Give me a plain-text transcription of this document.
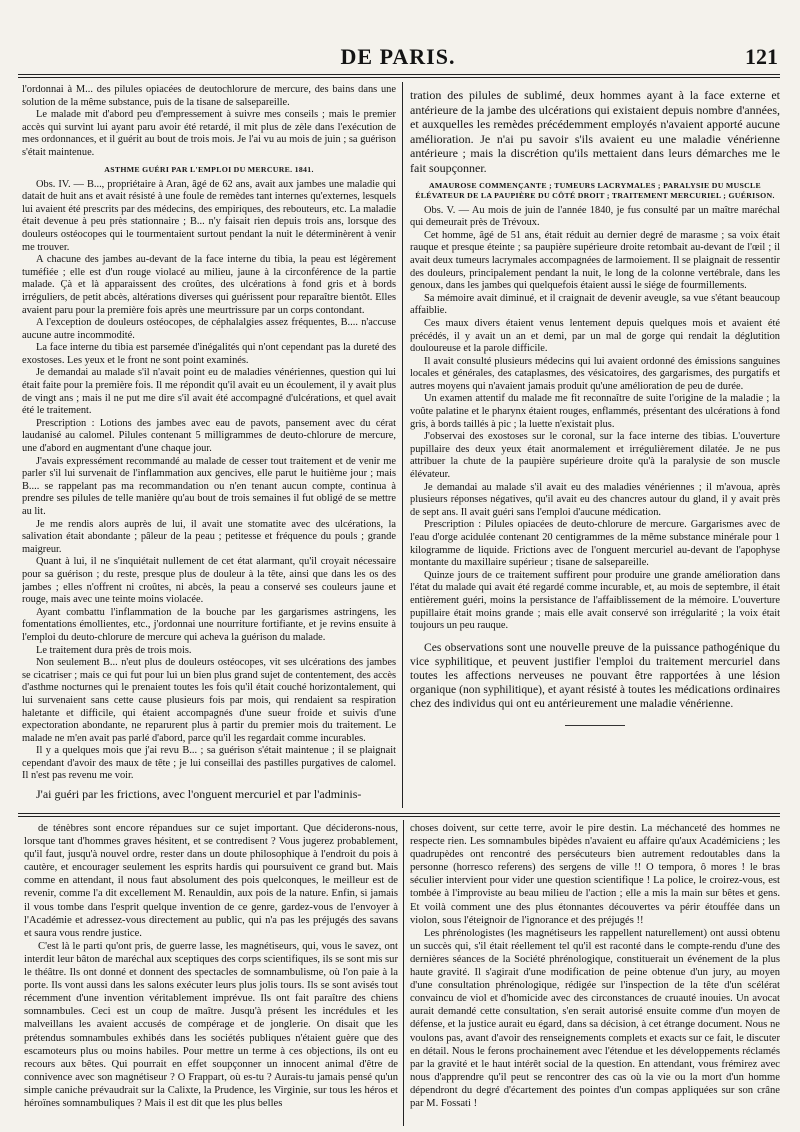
DE PARIS.	121

l'ordonnai à M... des pilules opiacées de deutochlorure de mercure, des bains dans une solution de la même substance, puis de la tisane de salsepareille.

Le malade mit d'abord peu d'empressement à suivre mes conseils ; mais le premier accès qui survint lui ayant paru avoir été retardé, il mit plus de zèle dans l'exécution de mes ordonnances, et il guérit au bout de trois mois. Je l'ai vu au mois de juin ; sa guérison s'était maintenue.

ASTHME GUÉRI PAR L'EMPLOI DU MERCURE. 1841.

Obs. IV. — B..., propriétaire à Aran, âgé de 62 ans, avait aux jambes une maladie qui datait de huit ans et avait résisté à une foule de remèdes tant internes qu'externes, lesquels lui avaient été prescrits par des médecins, des empiriques, des rebouteurs, etc. La maladie était devenue à peu près stationnaire ; B... n'y faisait rien depuis trois ans, lorsque des douleurs ostéocopes qui le tourmentaient surtout pendant la nuit le déterminèrent à venir me trouver.

A chacune des jambes au-devant de la face interne du tibia, la peau est légèrement tuméfiée ; elle est d'un rouge violacé au milieu, jaune à la circonférence de la partie malade. Çà et là apparaissent des croûtes, des ulcérations à fond gris et à bords irréguliers, de petit abcès, altérations diverses qui guérissent pour reparaître bientôt. Elles avaient paru pour la première fois après une meurtrissure par un corps contondant.

A l'exception de douleurs ostéocopes, de céphalalgies assez fréquentes, B.... n'accuse aucune autre incommodité.

La face interne du tibia est parsemée d'inégalités qui n'ont cependant pas la dureté des exostoses. Les yeux et le front ne sont point examinés.

Je demandai au malade s'il n'avait point eu de maladies vénériennes, question qui lui était faite pour la première fois. Il me répondit qu'il avait eu un écoulement, il y avait plus de vingt ans ; mais il ne put me dire s'il avait été accompagné d'ulcérations, et quel avait été le traitement.

Prescription : Lotions des jambes avec eau de pavots, pansement avec du cérat laudanisé au calomel. Pilules contenant 5 milligrammes de deuto-chlorure de mercure, une d'abord en augmentant d'une chaque jour.

J'avais expressément recommandé au malade de cesser tout traitement et de venir me parler s'il lui survenait de l'inflammation aux gencives, elle parut le huitième jour ; mais B.... se rappelant pas ma recommandation ou n'en tenant aucun compte, continua à prendre ses pilules de telle manière qu'au bout de trois semaines il fut obligé de se mettre au lit.

Je me rendis alors auprès de lui, il avait une stomatite avec des ulcérations, la salivation était abondante ; pâleur de la peau ; petitesse et fréquence du pouls ; grande maigreur.

Quant à lui, il ne s'inquiétait nullement de cet état alarmant, qu'il croyait nécessaire pour sa guérison ; du reste, presque plus de douleur à la tête, ainsi que dans les os des jambes ; elles n'offrent ni croûtes, ni abcès, la peau a conservé ses couleurs jaune et rouge, mais avec une teinte moins violacée.

Ayant combattu l'inflammation de la bouche par les gargarismes astringens, les fomentations émollientes, etc., j'ordonnai une nourriture fortifiante, et je revins ensuite à l'emploi du deuto-chlorure de mercure qui acheva la guérison du malade.

Le traitement dura près de trois mois.

Non seulement B... n'eut plus de douleurs ostéocopes, vit ses ulcérations des jambes se cicatriser ; mais ce qui fut pour lui un bien plus grand sujet de contentement, des accès d'asthme nocturnes qui le prenaient toutes les fois qu'il était couché horizontalement, qui lui survenaient sans cette cause plusieurs fois par mois, qui rendaient sa respiration haletante et difficile, qui étaient accompagnés d'une sueur froide et suivis d'une expectoration abondante, ne reparurent plus à partir du premier mois du traitement. Le malade ne m'en avait pas parlé d'abord, parce qu'il les regardait comme incurables.

Il y a quelques mois que j'ai revu B... ; sa guérison s'était maintenue ; il se plaignait cependant d'avoir des maux de tête ; je lui conseillai des pastilles purgatives de calomel. Il n'est pas revenu me voir.

J'ai guéri par les frictions, avec l'onguent mercuriel et par l'adminis-

tration des pilules de sublimé, deux hommes ayant à la face externe et antérieure de la jambe des ulcérations qui existaient depuis nombre d'années, et auxquelles les remèdes précédemment employés n'avaient apporté aucune amélioration. Je n'ai pu savoir s'ils avaient eu une maladie vénérienne antérieure ; mais la discrétion qu'ils mettaient dans leurs démarches me le fait soupçonner.

AMAUROSE COMMENÇANTE ; TUMEURS LACRYMALES ; PARALYSIE DU MUSCLE ÉLÉVATEUR DE LA PAUPIÈRE DU CÔTÉ DROIT ; TRAITEMENT MERCURIEL ; GUÉRISON.

Obs. V. — Au mois de juin de l'année 1840, je fus consulté par un maître maréchal qui demeurait près de Trévoux.

Cet homme, âgé de 51 ans, était réduit au dernier degré de marasme ; sa voix était rauque et presque éteinte ; sa paupière supérieure droite retombait au-devant de l'œil ; il avait deux tumeurs lacrymales accompagnées de larmoiement. Il se plaignait de ressentir des douleurs, principalement pendant la nuit, le long de la colonne vertébrale, dans les genoux, dans les jambes qui quelquefois étaient aussi le siége de fourmillements.

Sa mémoire avait diminué, et il craignait de devenir aveugle, sa vue s'étant beaucoup affaiblie.

Ces maux divers étaient venus lentement depuis quelques mois et avaient été précédés, il y avait un an et demi, par un mal de gorge qui rendait la déglutition douloureuse et la parole difficile.

Il avait consulté plusieurs médecins qui lui avaient ordonné des émissions sanguines locales et générales, des cataplasmes, des vésicatoires, des gargarismes, des purgatifs et autres moyens qui n'avaient jamais produit qu'une amélioration de peu de durée.

Un examen attentif du malade me fit reconnaître de suite l'origine de la maladie ; la voûte palatine et le pharynx étaient rouges, enflammés, présentant des ulcérations à fond gris, à bords taillés à pic ; la luette n'existait plus.

J'observai des exostoses sur le coronal, sur la face interne des tibias. L'ouverture pupillaire des deux yeux était anormalement et irrégulièrement dilatée. Je ne pus attribuer la chute de la paupière supérieure droite qu'à la paralysie de son muscle élévateur.

Je demandai au malade s'il avait eu des maladies vénériennes ; il m'avoua, après plusieurs réponses négatives, qu'il avait eu des chancres autour du gland, il y avait près de sept ans. Il avait guéri sans l'emploi d'aucune médication.

Prescription : Pilules opiacées de deuto-chlorure de mercure. Gargarismes avec de l'eau d'orge acidulée contenant 20 centigrammes de la même substance minérale pour 1 kilogramme de liquide. Frictions avec de l'onguent mercuriel au-devant de l'apophyse montante du maxillaire supérieur ; tisane de salsepareille.

Quinze jours de ce traitement suffirent pour produire une grande amélioration dans l'état du malade qui avait été regardé comme incurable, et, au mois de septembre, il était entièrement guéri, moins la persistance de l'affaiblissement de la mémoire. L'ouverture pupillaire était moins grande ; mais elle avait conservé son irrégularité ; la voix était toujours un peu rauque.

Ces observations sont une nouvelle preuve de la puissance pathogénique du vice syphilitique, et peuvent justifier l'emploi du traitement mercuriel dans toutes les affections nerveuses ne pouvant être rapportées à une lésion organique (non syphilitique), et ayant résisté à toutes les médications ordinaires chez des individus qui ont eu antérieurement une maladie vénérienne.

de ténèbres sont encore répandues sur ce sujet important. Que déciderons-nous, lorsque tant d'hommes graves hésitent, et se contredisent ? Vous jugerez probablement, qu'il faut, jusqu'à nouvel ordre, rester dans un doute philosophique à l'endroit du pois à cautère, et encourager seulement les esprits hardis qui poursuivent ce grand but. Mais comme en attendant, il nous faut absolument des pois quelconques, le meilleur est de revenir, comme l'a dit excellement M. Renauldin, aux pois de la nature. Enfin, si jamais il vous tombe dans l'esprit quelque invention de ce genre, gardez-vous de l'envoyer à l'Académie et adressez-vous directement au public, qui n'a pas les préjugés des savans et saura vous rendre justice.

C'est là le parti qu'ont pris, de guerre lasse, les magnétiseurs, qui, vous le savez, ont interdit leur bâton de maréchal aux sceptiques des corps scientifiques, ils se sont mis sur le théâtre. Ils ont donné et donnent des spectacles de somnambulisme, où l'on paie à la porte. Ils vont aussi dans les salons exécuter leurs plus jolis tours. Ils se sont avisés tout récemment d'une invention véritablement imprévue. Ils ont fait paraître des chiens somnambules. Ceci est un coup de maître. Jusqu'à présent les incrédules et les malveillans les avaient accusés de compérage et de jonglerie. On disait que les prétendus somnambules exhibés dans les sociétés publiques n'étaient guère que des escamoteurs plus ou moins habiles. Pour mettre un terme à ces objections, ils ont eu recours aux bêtes. Qui pourrait en effet soupçonner un innocent animal d'être de connivence avec son magnétiseur ? O Frappart, où es-tu ? Aurais-tu jamais pensé qu'un simple caniche prévaudrait sur la Calixte, la Prudence, les Virginie, sur tous les héros et héroïnes somnambuliques ? Mais il est dit que les plus belles

choses doivent, sur cette terre, avoir le pire destin. La méchanceté des hommes ne respecte rien. Les somnambules bipèdes n'avaient eu affaire qu'aux Académiciens ; les quadrupèdes ont rencontré des persécuteurs bien autrement redoutables dans la personne (horresco referens) des sergens de ville !! O tempora, ô mores ! le bras séculier intervient pour vider une question scientifique ! La police, le croirez-vous, est tombée à l'improviste au beau milieu de l'action ; elle a mis la main sur bêtes et gens. Et voilà comment une des plus étonnantes découvertes va périr étouffée dans un violon, sous l'éteignoir de l'ignorance et des préjugés !!

Les phrénologistes (les magnétiseurs les rappellent naturellement) ont aussi obtenu un succès qui, s'il était réellement tel qu'il est raconté dans le compte-rendu d'une des dernières séances de la Société phrénologique, constituerait un événement de la plus haute gravité. Il s'agirait d'une modification de peine obtenue d'un jury, au moyen d'une consultation phrénologique, rédigée sur l'inspection de la tête d'un scélérat convaincu de viol et d'homicide avec des circonstances de cruauté inouies. Un avocat aurait demandé cette consultation, s'en serait autorisé ensuite comme d'un moyen de défense, et la justice aurait eu égard, dans sa décision, à cet étrange document. Nous ne voulons pas, avant d'avoir des renseignements complets et exacts sur ce fait, le discuter en détail. Nous le ferons prochainement avec l'étendue et les développements réclamés par la gravité et le haut intérêt social de la question. En attendant, vous frémirez avec nous d'apprendre qu'il peut se rencontrer des cas où la vie ou la mort d'un homme dépendront du degré d'écartement des pointes d'un compas appliquées sur son crâne par M. Fossati !
